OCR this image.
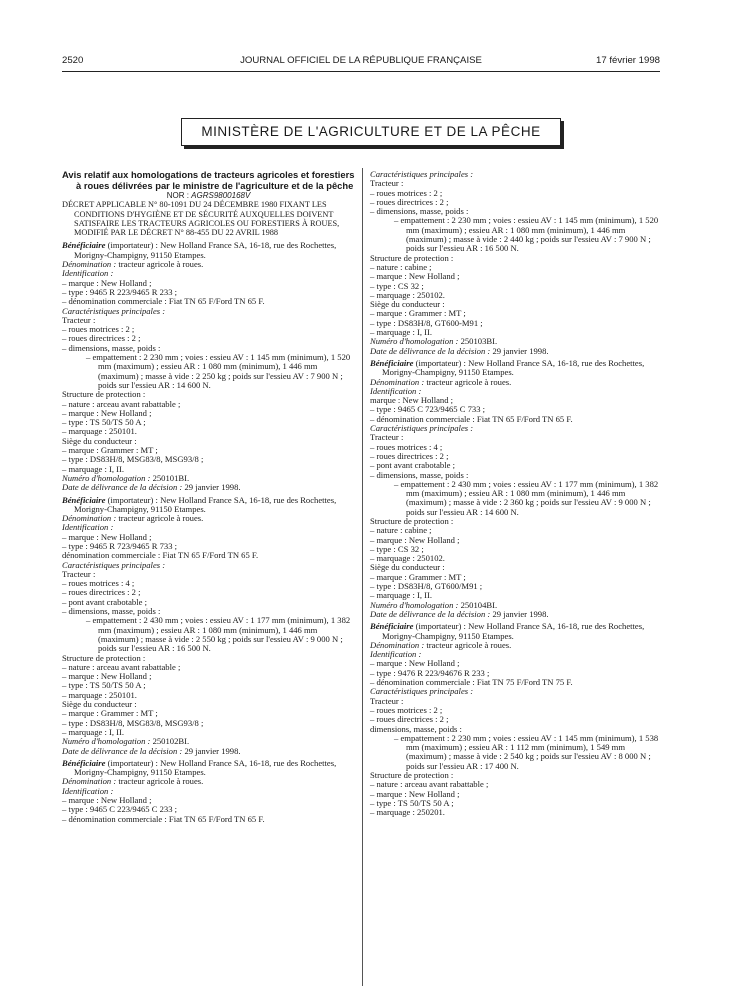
2520	JOURNAL OFFICIEL DE LA RÉPUBLIQUE FRANÇAISE	17 février 1998
MINISTÈRE DE L'AGRICULTURE ET DE LA PÊCHE

Avis relatif aux homologations de tracteurs agricoles et forestiers à roues délivrées par le ministre de l'agriculture et de la pêche

NOR : AGRS9800168V

DÉCRET APPLICABLE N° 80-1091 DU 24 DÉCEMBRE 1980 FIXANT LES CONDITIONS D'HYGIÈNE ET DE SÉCURITÉ AUXQUELLES DOIVENT SATISFAIRE LES TRACTEURS AGRICOLES OU FORESTIERS À ROUES, MODIFIÉ PAR LE DÉCRET N° 88-455 DU 22 AVRIL 1988

Bénéficiaire (importateur) : New Holland France SA, 16-18, rue des Rochettes, Morigny-Champigny, 91150 Etampes.

Dénomination : tracteur agricole à roues.

Identification :

– marque : New Holland ;

– type : 9465 R 223/9465 R 233 ;

– dénomination commerciale : Fiat TN 65 F/Ford TN 65 F.

Caractéristiques principales :

Tracteur :

– roues motrices : 2 ;

– roues directrices : 2 ;

– dimensions, masse, poids :

– empattement : 2 230 mm ; voies : essieu AV : 1 145 mm (minimum), 1 520 mm (maximum) ; essieu AR : 1 080 mm (minimum), 1 446 mm (maximum) ; masse à vide : 2 250 kg ; poids sur l'essieu AV : 7 900 N ; poids sur l'essieu AR : 14 600 N.

Structure de protection :

– nature : arceau avant rabattable ;

– marque : New Holland ;

– type : TS 50/TS 50 A ;

– marquage : 250101.

Siège du conducteur :

– marque : Grammer : MT ;

– type : DS83H/8, MSG83/8, MSG93/8 ;

– marquage : I, II.

Numéro d'homologation : 250101BI.

Date de délivrance de la décision : 29 janvier 1998.

Bénéficiaire (importateur) : New Holland France SA, 16-18, rue des Rochettes, Morigny-Champigny, 91150 Etampes.

Dénomination : tracteur agricole à roues.

Identification :

– marque : New Holland ;

– type : 9465 R 723/9465 R 733 ;

dénomination commerciale : Fiat TN 65 F/Ford TN 65 F.

Caractéristiques principales :

Tracteur :

– roues motrices : 4 ;

– roues directrices : 2 ;

– pont avant crabotable ;

– dimensions, masse, poids :

– empattement : 2 430 mm ; voies : essieu AV : 1 177 mm (minimum), 1 382 mm (maximum) ; essieu AR : 1 080 mm (minimum), 1 446 mm (maximum) ; masse à vide : 2 550 kg ; poids sur l'essieu AV : 9 000 N ; poids sur l'essieu AR : 16 500 N.

Structure de protection :

– nature : arceau avant rabattable ;

– marque : New Holland ;

– type : TS 50/TS 50 A ;

– marquage : 250101.

Siège du conducteur :

– marque : Grammer : MT ;

– type : DS83H/8, MSG83/8, MSG93/8 ;

– marquage : I, II.

Numéro d'homologation : 250102BI.

Date de délivrance de la décision : 29 janvier 1998.

Bénéficiaire (importateur) : New Holland France SA, 16-18, rue des Rochettes, Morigny-Champigny, 91150 Etampes.

Dénomination : tracteur agricole à roues.

Identification :

– marque : New Holland ;

– type : 9465 C 223/9465 C 233 ;

– dénomination commerciale : Fiat TN 65 F/Ford TN 65 F.

Caractéristiques principales :

Tracteur :

– roues motrices : 2 ;

– roues directrices : 2 ;

– dimensions, masse, poids :

– empattement : 2 230 mm ; voies : essieu AV : 1 145 mm (minimum), 1 520 mm (maximum) ; essieu AR : 1 080 mm (minimum), 1 446 mm (maximum) ; masse à vide : 2 440 kg ; poids sur l'essieu AV : 7 900 N ; poids sur l'essieu AR : 16 500 N.

Structure de protection :

– nature : cabine ;

– marque : New Holland ;

– type : CS 32 ;

– marquage : 250102.

Siège du conducteur :

– marque : Grammer : MT ;

– type : DS83H/8, GT600-M91 ;

– marquage : I, II.

Numéro d'homologation : 250103BI.

Date de délivrance de la décision : 29 janvier 1998.

Bénéficiaire (importateur) : New Holland France SA, 16-18, rue des Rochettes, Morigny-Champigny, 91150 Etampes.

Dénomination : tracteur agricole à roues.

Identification :

marque : New Holland ;

– type : 9465 C 723/9465 C 733 ;

– dénomination commerciale : Fiat TN 65 F/Ford TN 65 F.

Caractéristiques principales :

Tracteur :

– roues motrices : 4 ;

– roues directrices : 2 ;

– pont avant crabotable ;

– dimensions, masse, poids :

– empattement : 2 430 mm ; voies : essieu AV : 1 177 mm (minimum), 1 382 mm (maximum) ; essieu AR : 1 080 mm (minimum), 1 446 mm (maximum) ; masse à vide : 2 360 kg ; poids sur l'essieu AV : 9 000 N ; poids sur l'essieu AR : 14 600 N.

Structure de protection :

– nature : cabine ;

– marque : New Holland ;

– type : CS 32 ;

– marquage : 250102.

Siège du conducteur :

– marque : Grammer : MT ;

– type : DS83H/8, GT600/M91 ;

– marquage : I, II.

Numéro d'homologation : 250104BI.

Date de délivrance de la décision : 29 janvier 1998.

Bénéficiaire (importateur) : New Holland France SA, 16-18, rue des Rochettes, Morigny-Champigny, 91150 Etampes.

Dénomination : tracteur agricole à roues.

Identification :

– marque : New Holland ;

– type : 9476 R 223/94676 R 233 ;

– dénomination commerciale : Fiat TN 75 F/Ford TN 75 F.

Caractéristiques principales :

Tracteur :

– roues motrices : 2 ;

– roues directrices : 2 ;

dimensions, masse, poids :

– empattement : 2 230 mm ; voies : essieu AV : 1 145 mm (minimum), 1 538 mm (maximum) ; essieu AR : 1 112 mm (minimum), 1 549 mm (maximum) ; masse à vide : 2 540 kg ; poids sur l'essieu AV : 8 000 N ; poids sur l'essieu AR : 17 400 N.

Structure de protection :

– nature : arceau avant rabattable ;

– marque : New Holland ;

– type : TS 50/TS 50 A ;

– marquage : 250201.
